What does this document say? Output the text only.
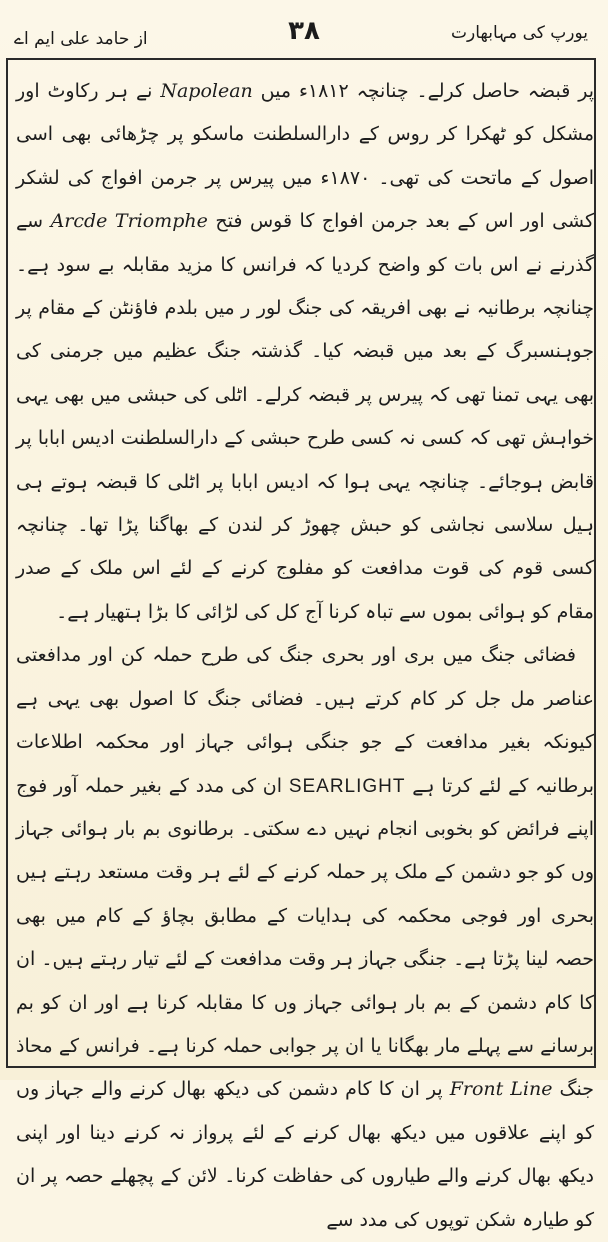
از حامد علی ایم اے	۳۸	یورپ کی مہابھارت

پر قبضہ حاصل کرلے۔ چنانچہ ۱۸۱۲ء میں Napolean نے ہر رکاوٹ اور مشکل کو ٹھکرا کر روس کے دارالسلطنت ماسکو پر چڑھائی بھی اسی اصول کے ماتحت کی تھی۔ ۱۸۷۰ء میں پیرس پر جرمن افواج کی لشکر کشی اور اس کے بعد جرمن افواج کا قوس فتح Arcde Triomphe سے گذرنے نے اس بات کو واضح کردیا کہ فرانس کا مزید مقابلہ بے سود ہے۔ چنانچہ برطانیہ نے بھی افریقہ کی جنگ لور ر میں بلدم فاؤنٹن کے مقام پر جوہنسبرگ کے بعد میں قبضہ کیا۔ گذشتہ جنگ عظیم میں جرمنی کی بھی یہی تمنا تھی کہ پیرس پر قبضہ کرلے۔ اٹلی کی حبشی میں بھی یہی خواہش تھی کہ کسی نہ کسی طرح حبشی کے دارالسلطنت ادیس ابابا پر قابض ہوجائے۔ چنانچہ یہی ہوا کہ ادیس ابابا پر اٹلی کا قبضہ ہوتے ہی ہیل سلاسی نجاشی کو حبش چھوڑ کر لندن کے بھاگنا پڑا تھا۔ چنانچہ کسی قوم کی قوت مدافعت کو مفلوج کرنے کے لئے اس ملک کے صدر مقام کو ہوائی بموں سے تباہ کرنا آج کل کی لڑائی کا بڑا ہتھیار ہے۔

فضائی جنگ میں بری اور بحری جنگ کی طرح حملہ کن اور مدافعتی عناصر مل جل کر کام کرتے ہیں۔ فضائی جنگ کا اصول بھی یہی ہے کیونکہ بغیر مدافعت کے جو جنگی ہوائی جہاز اور محکمہ اطلاعات برطانیہ کے لئے کرتا ہے SEARLIGHT ان کی مدد کے بغیر حملہ آور فوج اپنے فرائض کو بخوبی انجام نہیں دے سکتی۔ برطانوی بم بار ہوائی جہاز وں کو جو دشمن کے ملک پر حملہ کرنے کے لئے ہر وقت مستعد رہتے ہیں بحری اور فوجی محکمہ کی ہدایات کے مطابق بچاؤ کے کام میں بھی حصہ لینا پڑتا ہے۔ جنگی جہاز ہر وقت مدافعت کے لئے تیار رہتے ہیں۔ ان کا کام دشمن کے بم بار ہوائی جہاز وں کا مقابلہ کرنا ہے اور ان کو بم برسانے سے پہلے مار بھگانا یا ان پر جوابی حملہ کرنا ہے۔ فرانس کے محاذ جنگ Front Line پر ان کا کام دشمن کی دیکھ بھال کرنے والے جہاز وں کو اپنے علاقوں میں دیکھ بھال کرنے کے لئے پرواز نہ کرنے دینا اور اپنی دیکھ بھال کرنے والے طیاروں کی حفاظت کرنا۔ لائن کے پچھلے حصہ پر ان کو طیارہ شکن توپوں کی مدد سے
